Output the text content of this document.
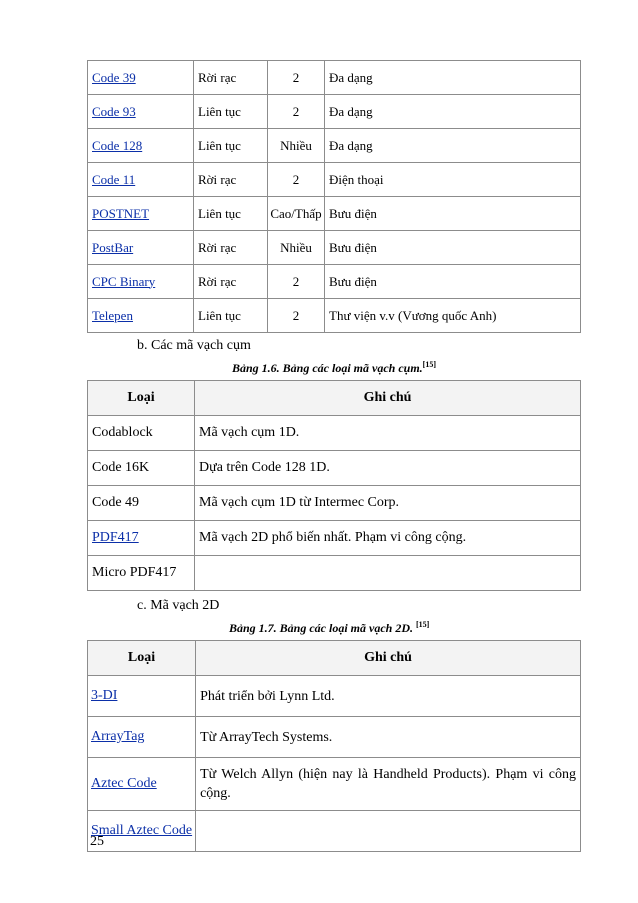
Code 39	Rời rạc	2	Đa dạng
Code 93	Liên tục	2	Đa dạng
Code 128	Liên tục	Nhiều	Đa dạng
Code 11	Rời rạc	2	Điện thoại
POSTNET	Liên tục	Cao/Thấp	Bưu điện
PostBar	Rời rạc	Nhiều	Bưu điện
CPC Binary	Rời rạc	2	Bưu điện
Telepen	Liên tục	2	Thư viện v.v (Vương quốc Anh)
b. Các mã vạch cụm
Bảng 1.6. Bảng các loại mã vạch cụm.[15]
Loại	Ghi chú
Codablock	Mã vạch cụm 1D.
Code 16K	Dựa trên Code 128 1D.
Code 49	Mã vạch cụm 1D từ Intermec Corp.
PDF417	Mã vạch 2D phổ biến nhất. Phạm vi công cộng.
Micro PDF417	
c. Mã vạch 2D
Bảng 1.7. Bảng các loại mã vạch 2D. [15]
Loại	Ghi chú
3-DI	Phát triển bởi Lynn Ltd.
ArrayTag	Từ ArrayTech Systems.
Aztec Code	Từ Welch Allyn (hiện nay là Handheld Products). Phạm vi công cộng.
Small Aztec Code	
25
